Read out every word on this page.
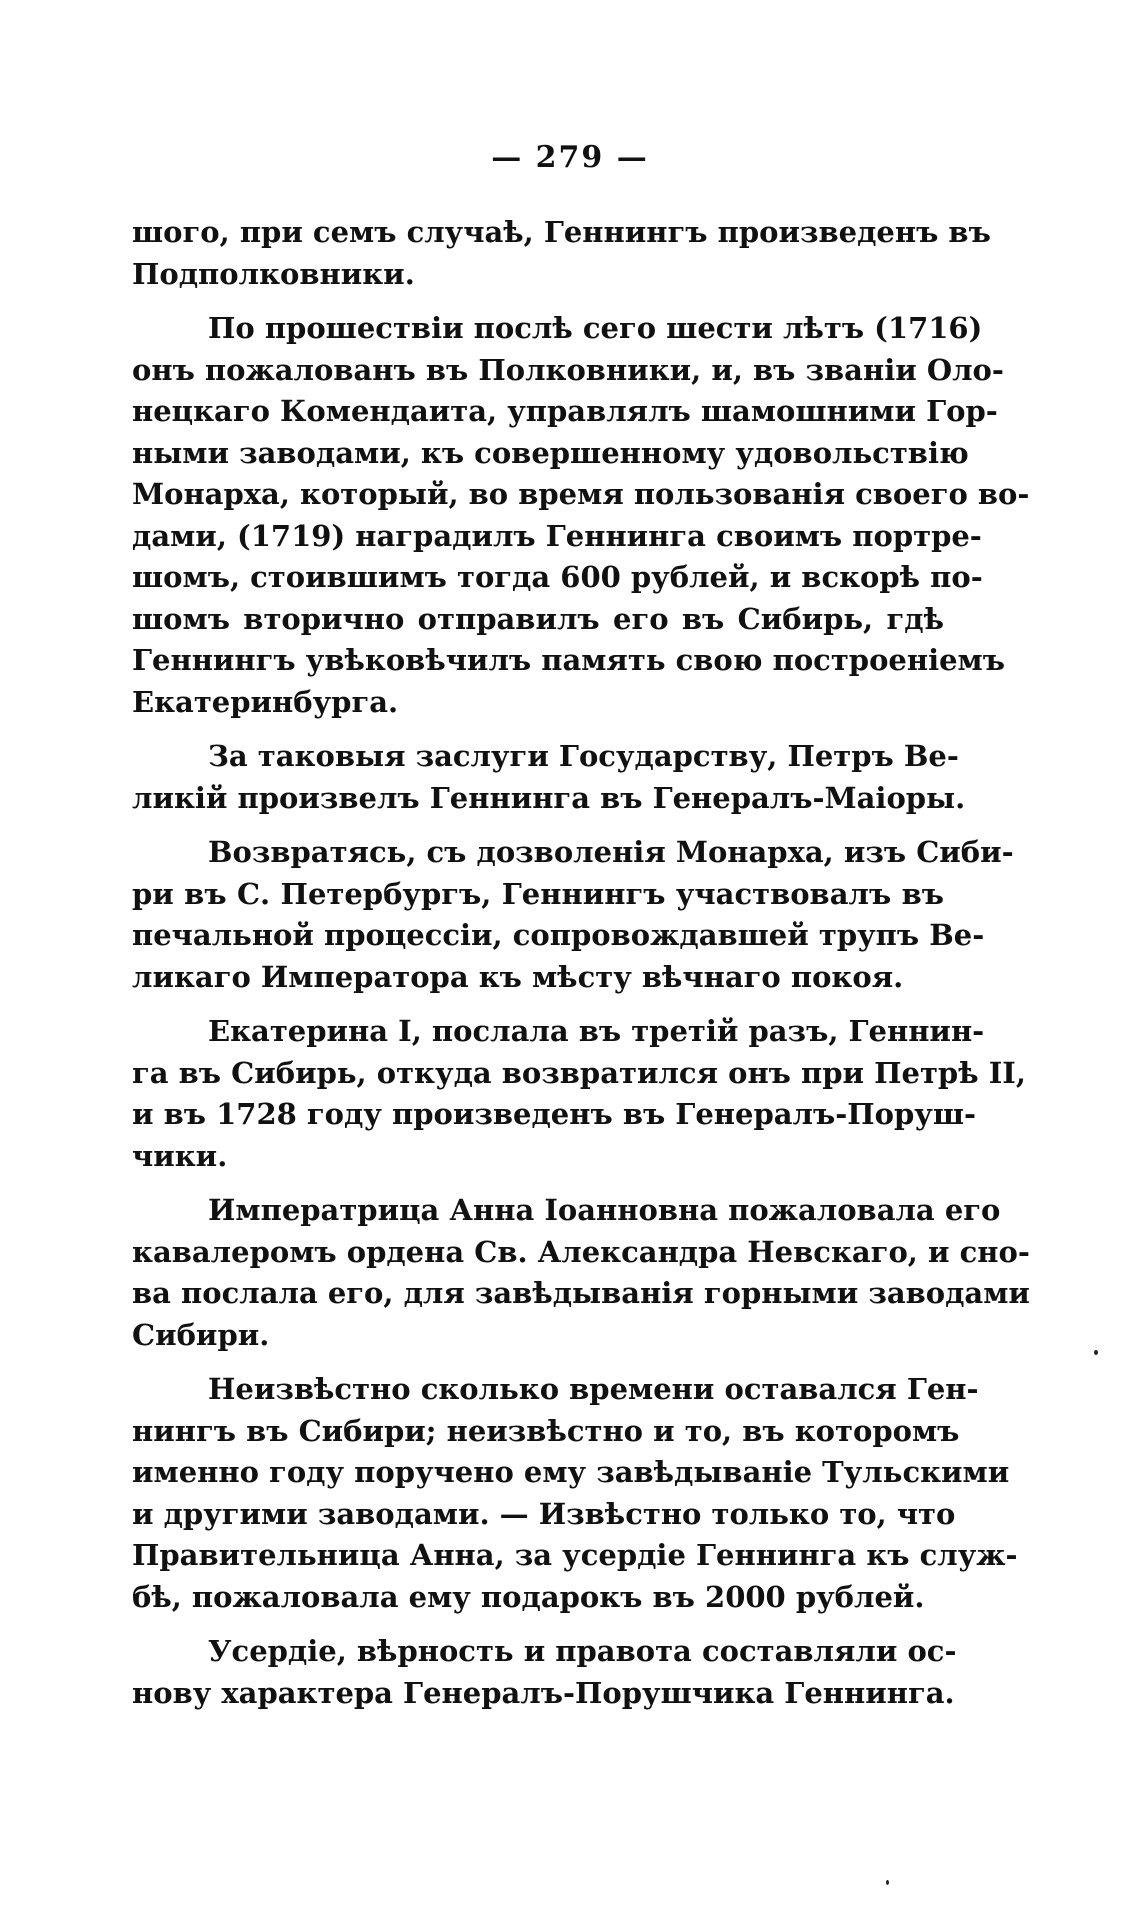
— 279 —

шого, при семъ случаѣ, Геннингъ произведенъ въ
Подполковники.

По прошествіи послѣ сего шести лѣтъ (1716)
онъ пожалованъ въ Полковники, и, въ званіи Оло-
нецкаго Комендаита, управлялъ шамошними Гор-
ными заводами, къ совершенному удовольствію
Монарха, который, во время пользованія своего во-
дами, (1719) наградилъ Геннинга своимъ портре-
шомъ, стоившимъ тогда 600 рублей, и вскорѣ по-
шомъ вторично отправилъ его въ Сибирь, гдѣ
Геннингъ увѣковѣчилъ память свою построеніемъ
Екатеринбурга.

За таковыя заслуги Государству, Петръ Ве-
ликій произвелъ Геннинга въ Генералъ-Маіоры.

Возвратясь, съ дозволенія Монарха, изъ Сиби-
ри въ С. Петербургъ, Геннингъ участвовалъ въ
печальной процессіи, сопровождавшей трупъ Ве-
ликаго Императора къ мѣсту вѣчнаго покоя.

Екатерина I, послала въ третій разъ, Геннин-
га въ Сибирь, откуда возвратился онъ при Петрѣ II,
и въ 1728 году произведенъ въ Генералъ-Поруш-
чики.

Императрица Анна Іоанновна пожаловала его
кавалеромъ ордена Св. Александра Невскаго, и сно-
ва послала его, для завѣдыванія горными заводами
Сибири.

Неизвѣстно сколько времени оставался Ген-
нингъ въ Сибири; неизвѣстно и то, въ которомъ
именно году поручено ему завѣдываніе Тульскими
и другими заводами. — Извѣстно только то, что
Правительница Анна, за усердіе Геннинга къ служ-
бѣ, пожаловала ему подарокъ въ 2000 рублей.

Усердіе, вѣрность и правота составляли ос-
нову характера Генералъ-Порушчика Геннинга.
